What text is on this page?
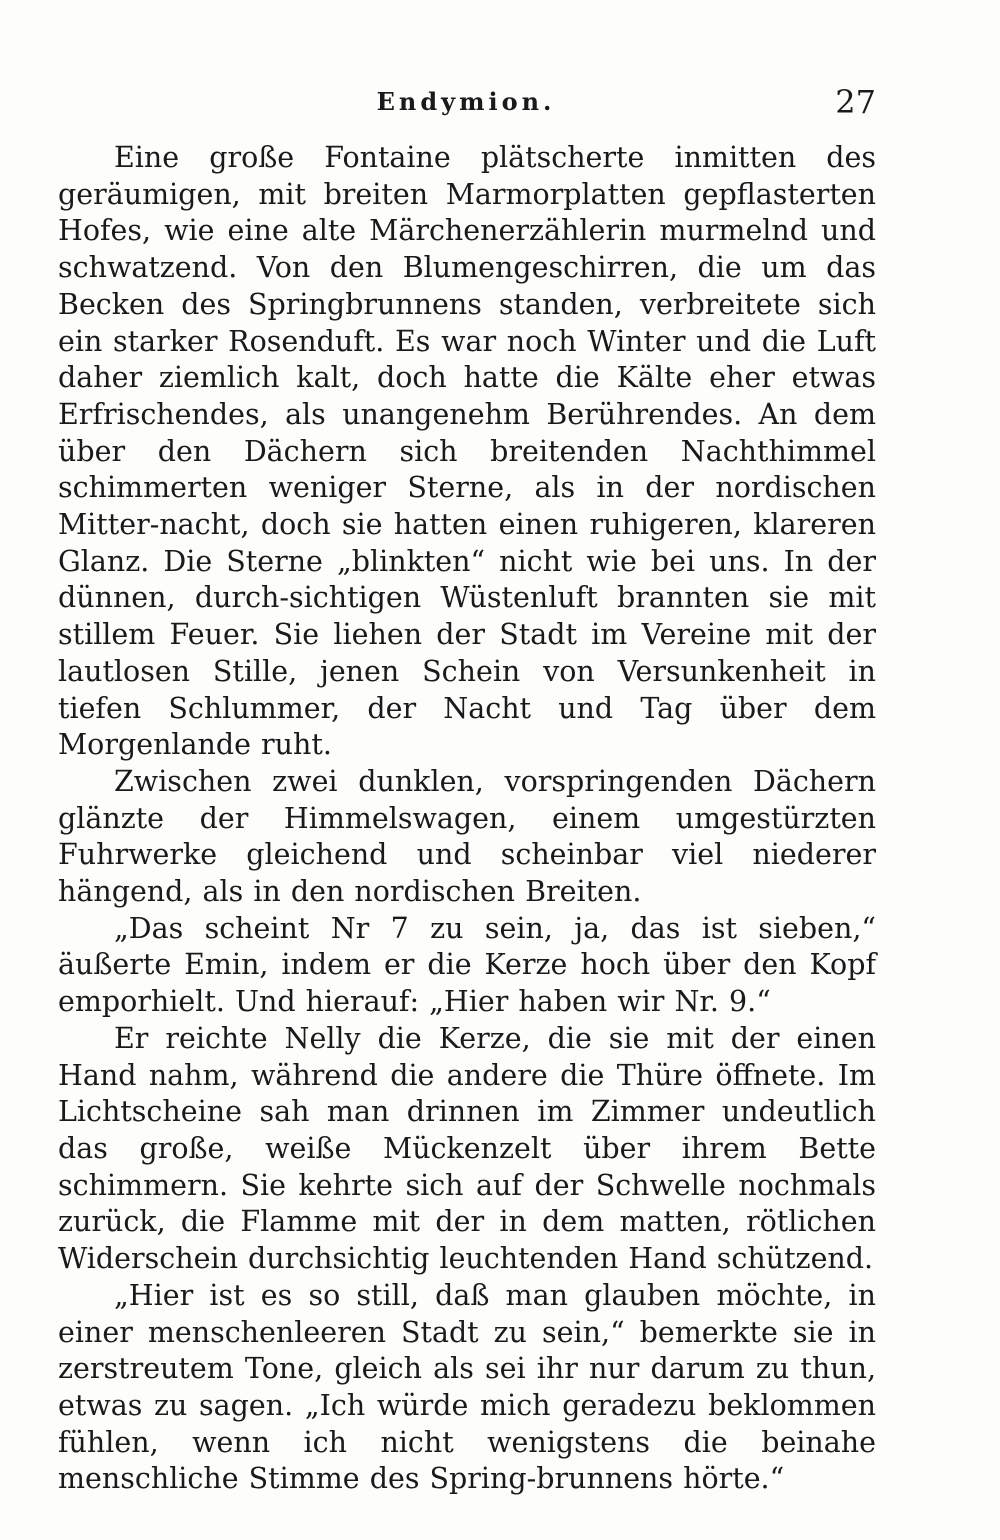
Endymion.	27

Eine große Fontaine plätscherte inmitten des geräumigen, mit breiten Marmorplatten gepflasterten Hofes, wie eine alte Märchenerzählerin murmelnd und schwatzend. Von den Blumengeschirren, die um das Becken des Springbrunnens standen, verbreitete sich ein starker Rosenduft. Es war noch Winter und die Luft daher ziemlich kalt, doch hatte die Kälte eher etwas Erfrischendes, als unangenehm Berührendes. An dem über den Dächern sich breitenden Nachthimmel schimmerten weniger Sterne, als in der nordischen Mitter-nacht, doch sie hatten einen ruhigeren, klareren Glanz. Die Sterne „blinkten“ nicht wie bei uns. In der dünnen, durch-sichtigen Wüstenluft brannten sie mit stillem Feuer. Sie liehen der Stadt im Vereine mit der lautlosen Stille, jenen Schein von Versunkenheit in tiefen Schlummer, der Nacht und Tag über dem Morgenlande ruht.

Zwischen zwei dunklen, vorspringenden Dächern glänzte der Himmelswagen, einem umgestürzten Fuhrwerke gleichend und scheinbar viel niederer hängend, als in den nordischen Breiten.

„Das scheint Nr 7 zu sein, ja, das ist sieben,“ äußerte Emin, indem er die Kerze hoch über den Kopf emporhielt. Und hierauf: „Hier haben wir Nr. 9.“

Er reichte Nelly die Kerze, die sie mit der einen Hand nahm, während die andere die Thüre öffnete. Im Lichtscheine sah man drinnen im Zimmer undeutlich das große, weiße Mückenzelt über ihrem Bette schimmern. Sie kehrte sich auf der Schwelle nochmals zurück, die Flamme mit der in dem matten, rötlichen Widerschein durchsichtig leuchtenden Hand schützend.

„Hier ist es so still, daß man glauben möchte, in einer menschenleeren Stadt zu sein,“ bemerkte sie in zerstreutem Tone, gleich als sei ihr nur darum zu thun, etwas zu sagen. „Ich würde mich geradezu beklommen fühlen, wenn ich nicht wenigstens die beinahe menschliche Stimme des Spring-brunnens hörte.“
